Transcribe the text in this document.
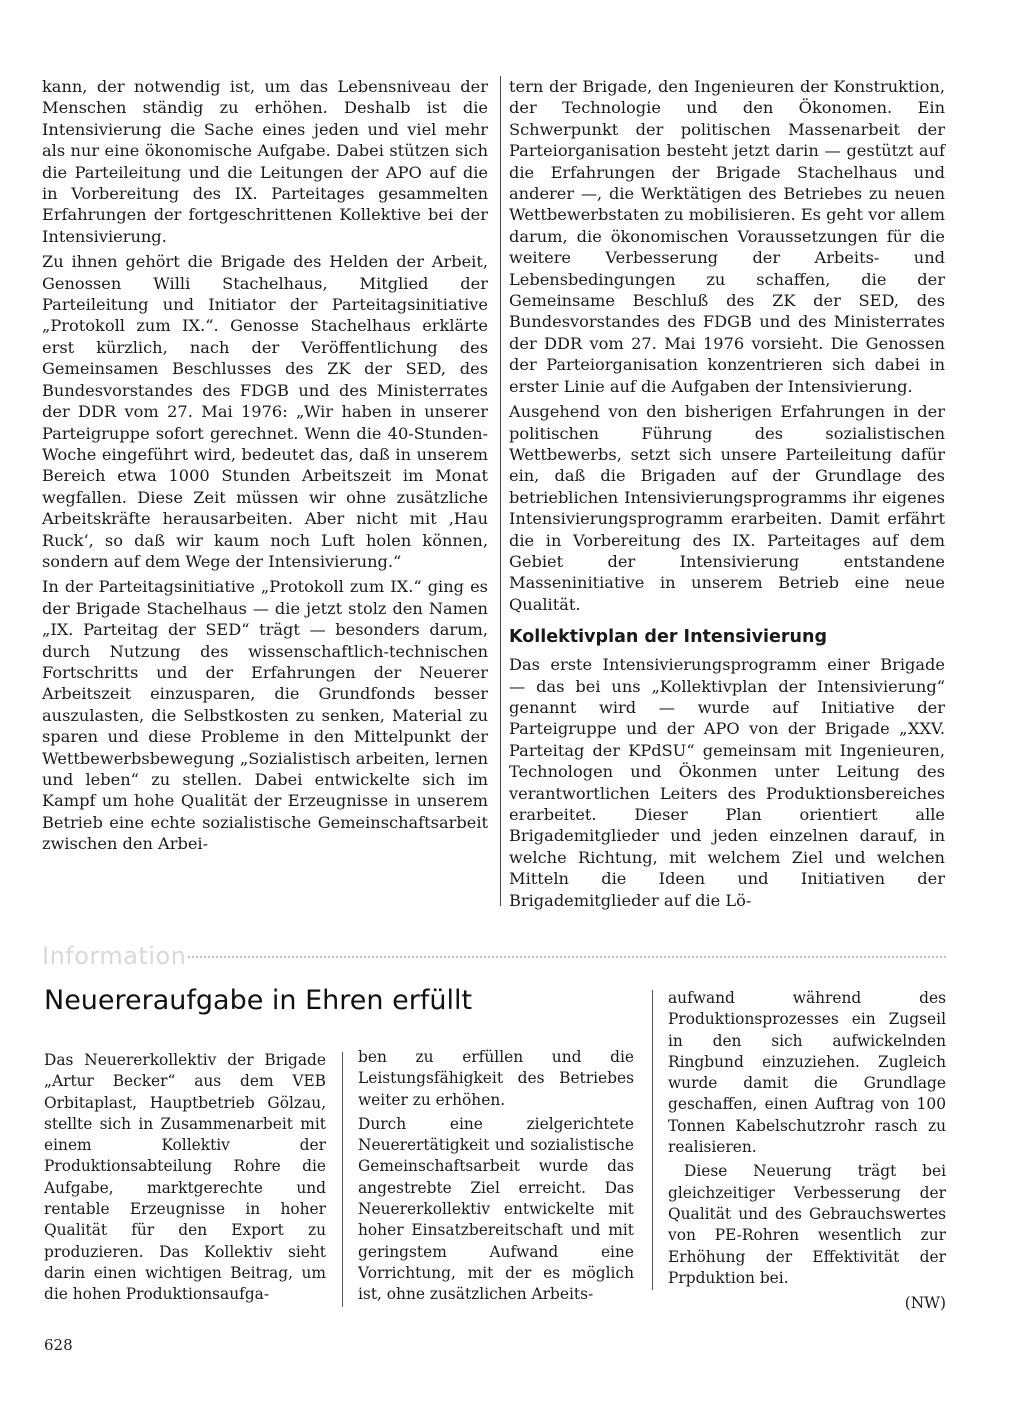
kann, der notwendig ist, um das Lebensniveau der Menschen ständig zu erhöhen. Deshalb ist die Intensivierung die Sache eines jeden und viel mehr als nur eine ökonomische Aufgabe. Dabei stützen sich die Parteileitung und die Leitungen der APO auf die in Vorbereitung des IX. Parteitages gesammelten Erfahrungen der fortgeschrittenen Kollektive bei der Intensivierung.

Zu ihnen gehört die Brigade des Helden der Arbeit, Genossen Willi Stachelhaus, Mitglied der Parteileitung und Initiator der Parteitagsinitiative „Protokoll zum IX.“. Genosse Stachelhaus erklärte erst kürzlich, nach der Veröffentlichung des Gemeinsamen Beschlusses des ZK der SED, des Bundesvorstandes des FDGB und des Ministerrates der DDR vom 27. Mai 1976: „Wir haben in unserer Parteigruppe sofort gerechnet. Wenn die 40-Stunden-Woche eingeführt wird, bedeutet das, daß in unserem Bereich etwa 1000 Stunden Arbeitszeit im Monat wegfallen. Diese Zeit müssen wir ohne zusätzliche Arbeitskräfte herausarbeiten. Aber nicht mit ‚Hau Ruck‘, so daß wir kaum noch Luft holen können, sondern auf dem Wege der Intensivierung.“

In der Parteitagsinitiative „Protokoll zum IX.“ ging es der Brigade Stachelhaus — die jetzt stolz den Namen „IX. Parteitag der SED“ trägt — besonders darum, durch Nutzung des wissenschaftlich-technischen Fortschritts und der Erfahrungen der Neuerer Arbeitszeit einzusparen, die Grundfonds besser auszulasten, die Selbstkosten zu senken, Material zu sparen und diese Probleme in den Mittelpunkt der Wettbewerbsbewegung „Sozialistisch arbeiten, lernen und leben“ zu stellen. Dabei entwickelte sich im Kampf um hohe Qualität der Erzeugnisse in unserem Betrieb eine echte sozialistische Gemeinschaftsarbeit zwischen den Arbei-

tern der Brigade, den Ingenieuren der Konstruktion, der Technologie und den Ökonomen. Ein Schwerpunkt der politischen Massenarbeit der Parteiorganisation besteht jetzt darin — gestützt auf die Erfahrungen der Brigade Stachelhaus und anderer —, die Werktätigen des Betriebes zu neuen Wettbewerbstaten zu mobilisieren. Es geht vor allem darum, die ökonomischen Voraussetzungen für die weitere Verbesserung der Arbeits- und Lebensbedingungen zu schaffen, die der Gemeinsame Beschluß des ZK der SED, des Bundesvorstandes des FDGB und des Ministerrates der DDR vom 27. Mai 1976 vorsieht. Die Genossen der Parteiorganisation konzentrieren sich dabei in erster Linie auf die Aufgaben der Intensivierung.

Ausgehend von den bisherigen Erfahrungen in der politischen Führung des sozialistischen Wettbewerbs, setzt sich unsere Parteileitung dafür ein, daß die Brigaden auf der Grundlage des betrieblichen Intensivierungsprogramms ihr eigenes Intensivierungsprogramm erarbeiten. Damit erfährt die in Vorbereitung des IX. Parteitages auf dem Gebiet der Intensivierung entstandene Masseninitiative in unserem Betrieb eine neue Qualität.

Kollektivplan der Intensivierung

Das erste Intensivierungsprogramm einer Brigade — das bei uns „Kollektivplan der Intensivierung“ genannt wird — wurde auf Initiative der Parteigruppe und der APO von der Brigade „XXV. Parteitag der KPdSU“ gemeinsam mit Ingenieuren, Technologen und Ökonmen unter Leitung des verantwortlichen Leiters des Produktionsbereiches erarbeitet. Dieser Plan orientiert alle Brigademitglieder und jeden einzelnen darauf, in welche Richtung, mit welchem Ziel und welchen Mitteln die Ideen und Initiativen der Brigademitglieder auf die Lö-

Information
Neuereraufgabe in Ehren erfüllt

Das Neuererkollektiv der Brigade „Artur Becker“ aus dem VEB Orbitaplast, Hauptbetrieb Gölzau, stellte sich in Zusammenarbeit mit einem Kollektiv der Produktionsabteilung Rohre die Aufgabe, marktgerechte und rentable Erzeugnisse in hoher Qualität für den Export zu produzieren. Das Kollektiv sieht darin einen wichtigen Beitrag, um die hohen Produktionsaufga-

ben zu erfüllen und die Leistungsfähigkeit des Betriebes weiter zu erhöhen.

Durch eine zielgerichtete Neuerertätigkeit und sozialistische Gemeinschaftsarbeit wurde das angestrebte Ziel erreicht. Das Neuererkollektiv entwickelte mit hoher Einsatzbereitschaft und mit geringstem Aufwand eine Vorrichtung, mit der es möglich ist, ohne zusätzlichen Arbeits-

aufwand während des Produktionsprozesses ein Zugseil in den sich aufwickelnden Ringbund einzuziehen. Zugleich wurde damit die Grundlage geschaffen, einen Auftrag von 100 Tonnen Kabelschutzrohr rasch zu realisieren.

Diese Neuerung trägt bei gleichzeitiger Verbesserung der Qualität und des Gebrauchswertes von PE-Rohren wesentlich zur Erhöhung der Effektivität der Prpduktion bei.

(NW)
628
